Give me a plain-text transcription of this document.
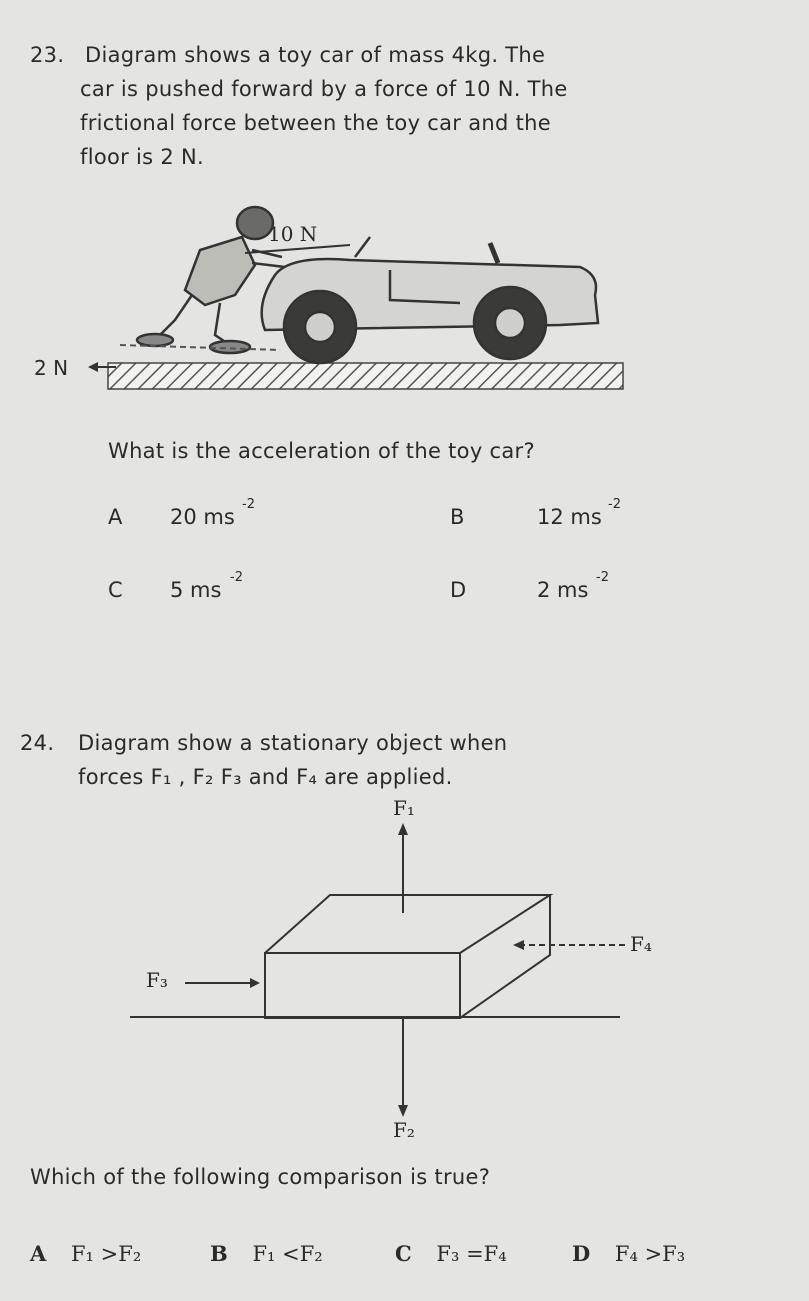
23. Diagram shows a toy car of mass 4kg. The
car is pushed forward by a force of 10 N. The
frictional force between the toy car and the
floor is 2 N.
10 N
2 N
What is the acceleration of the toy car?
A 20 ms
-2
B	12 ms
-2
C 5 ms
-2
D	2 ms
-2
24. Diagram show a stationary object when
forces F₁ , F₂ F₃ and F₄ are applied.
F₁
F₂
F₃
F₄
Which of the following comparison is true?
A F₁ >F₂	B F₁ <F₂	C F₃ =F₄	D F₄ >F₃
